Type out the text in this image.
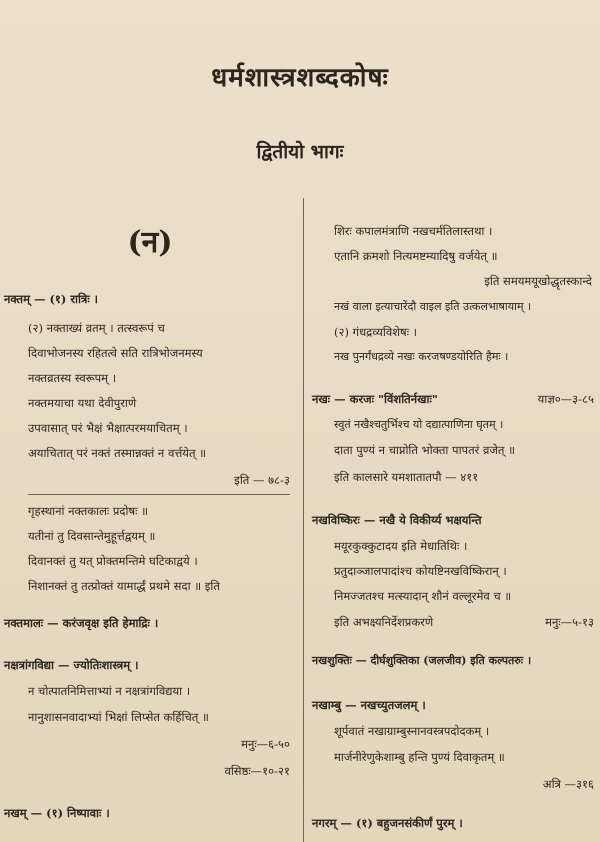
धर्मशास्त्रशब्दकोषः
द्वितीयो भागः
(न)
नक्तम् — (१) रात्रिः ।
(२) नक्ताख्यं व्रतम् । तत्स्वरूपं च
दिवाभोजनस्य रहितत्वे सति रात्रिभोजनमस्य
नक्तव्रतस्य स्वरूपम् ।
नक्तमयाचा यथा देवीपुराणे
उपवासात् परं भैक्षं भैक्षात्परमयाचितम् ।
अयाचितात् परं नक्तं तस्मान्नक्तं न वर्त्तयेत् ॥
इति — ७८-३
गृहस्थानां नक्तकालः प्रदोषः ॥
यतीनां तु दिवसान्तेमुहूर्त्तद्वयम् ॥
दिवानक्तं तु यत् प्रोक्तमन्तिमे घटिकाद्वये ।
निशानक्तं तु तत्प्रोक्तं यामार्द्धं प्रथमे सदा ॥ इति
नक्तमालः — करंजवृक्ष इति हेमाद्रिः ।
नक्षत्रांगविद्या — ज्योतिःशास्त्रम् ।
न चोत्पातनिमित्ताभ्यां न नक्षत्रांगविद्यया ।
नानुशासनवादाभ्यां भिक्षां लिप्सेत कर्हिचित् ॥
मनुः—६-५०
वसिष्ठः—१०-२१
नखम् — (१) निष्पावाः ।
शिरः कपालमंत्राणि नखचर्मतिलास्तथा ।
एतानि क्रमशो नित्यमष्टम्यादिषु वर्जयेत् ॥
इति समयमयूखोद्धृतस्कान्दे
नखं वाला इत्याचारेंदौ वाइल इति उत्कलभाषायाम् ।
(२) गंधद्रव्यविशेषः ।
नख पुनर्गंधद्रव्ये नखः करजषण्डयोरिति हैमः ।
नखः — करजः "विंशतिर्नखाः"	याज्ञ०—३-८५
स्वुतं नखैश्चतुर्भिश्च यो दद्यात्पाणिना घृतम् ।
दाता पुण्यं न चाप्नोति भोक्ता पापतरं व्रजेत् ॥
इति कालसारे यमशातातपौ — ४११
नखविष्किरः — नखै ये विकीर्य्य भक्षयन्ति
मयूरकुक्कुटादय इति मेधातिथिः ।
प्रतुदाञ्जालपादांश्च कोयष्टिनखविष्किरान् ।
निमज्जतश्च मत्स्यादान् शौनं वल्लूरमेव च ॥
इति अभक्ष्यनिर्देशप्रकरणे	मनुः—५-१३
नखशुक्तिः — दीर्घशुक्तिका (जलजीव) इति कल्पतरुः ।
नखाम्बु — नखच्युतजलम् ।
शूर्पवातं नखाग्राम्बुस्नानवस्त्रपदोदकम् ।
मार्जनीरेणुकेशाम्बु हन्ति पुण्यं दिवाकृतम् ॥
अत्रि —३१६
नगरम् — (१) बहुजनसंकीर्णं पुरम् ।
